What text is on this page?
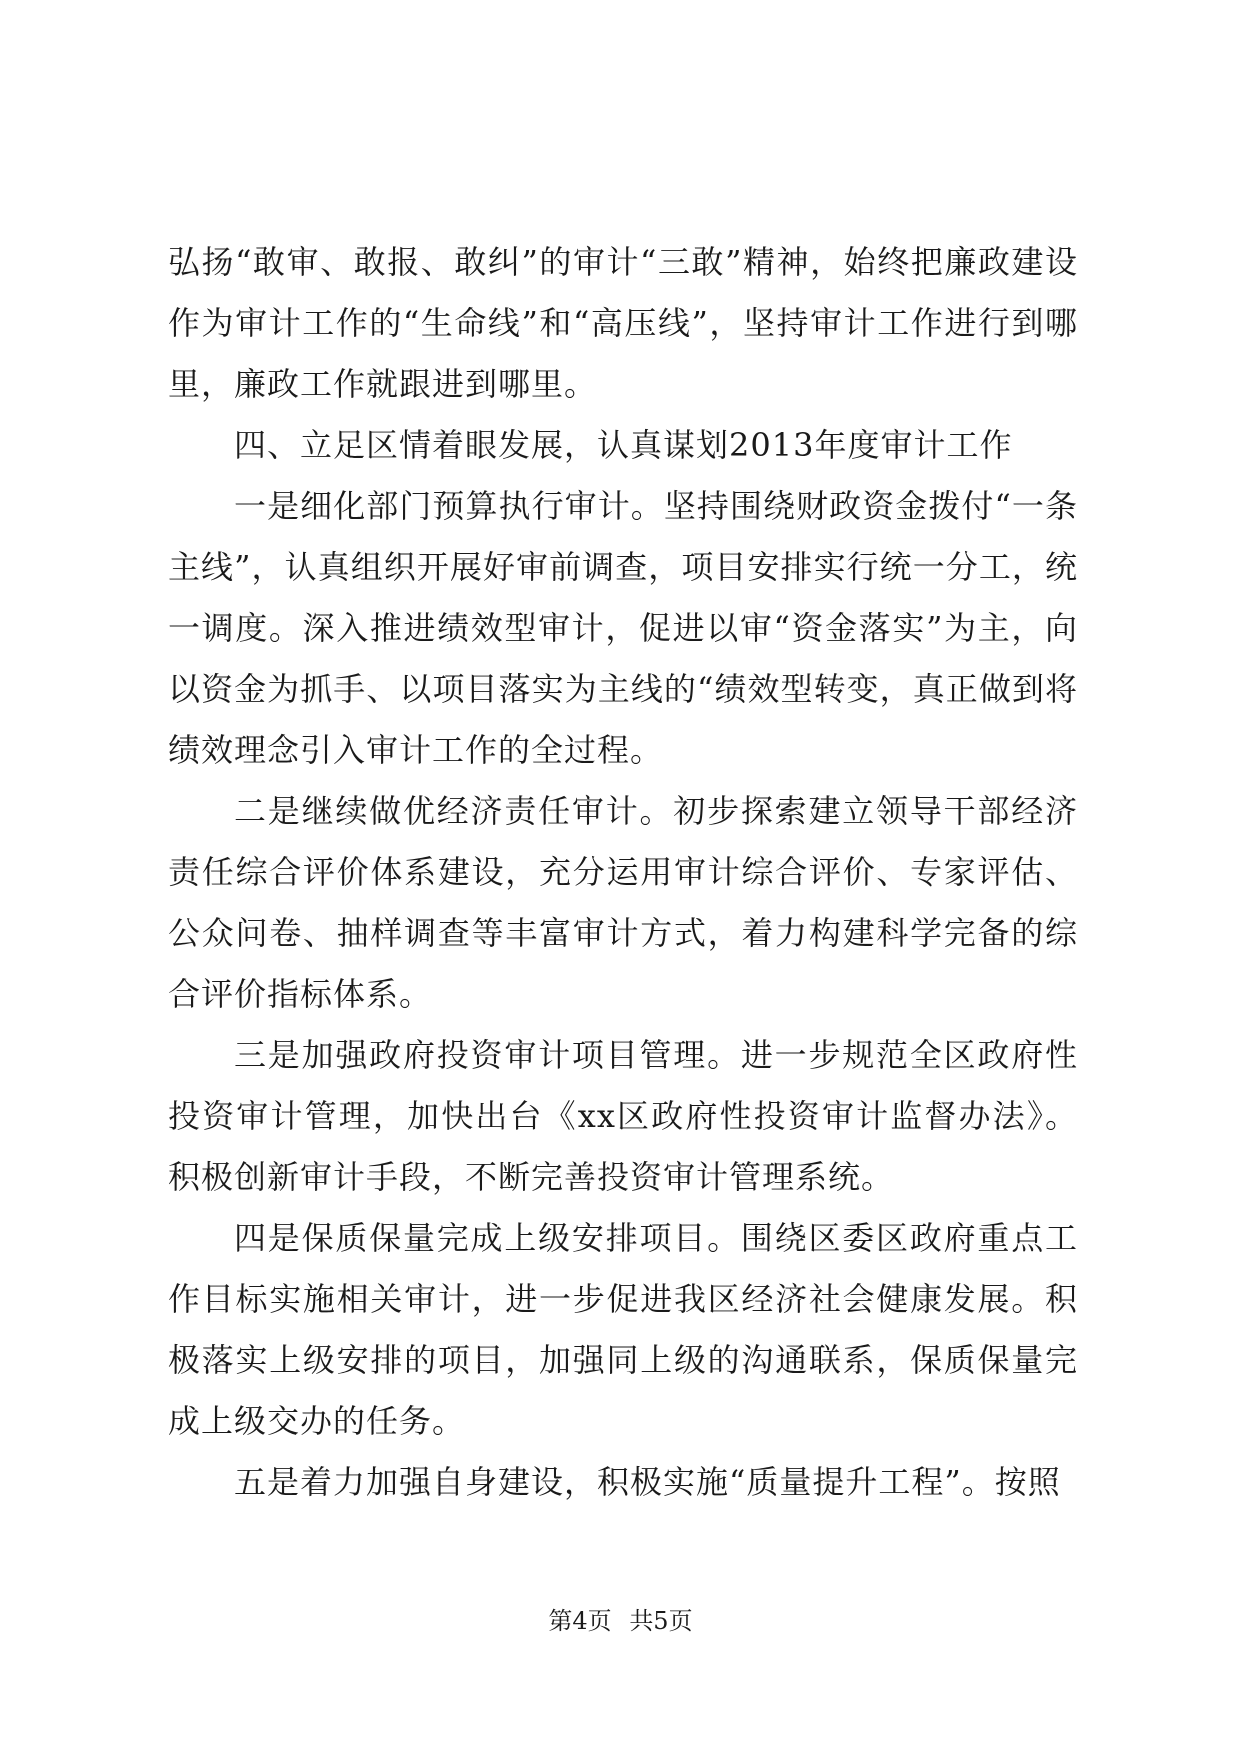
弘扬“敢审、敢报、敢纠”的审计“三敢”精神，始终把廉政建设作为审计工作的“生命线”和“高压线”，坚持审计工作进行到哪里，廉政工作就跟进到哪里。

四、立足区情着眼发展，认真谋划2013年度审计工作

一是细化部门预算执行审计。坚持围绕财政资金拨付“一条主线”，认真组织开展好审前调查，项目安排实行统一分工，统一调度。深入推进绩效型审计，促进以审“资金落实”为主，向以资金为抓手、以项目落实为主线的“绩效型转变，真正做到将绩效理念引入审计工作的全过程。

二是继续做优经济责任审计。初步探索建立领导干部经济责任综合评价体系建设，充分运用审计综合评价、专家评估、公众问卷、抽样调查等丰富审计方式，着力构建科学完备的综合评价指标体系。

三是加强政府投资审计项目管理。进一步规范全区政府性投资审计管理，加快出台《xx区政府性投资审计监督办法》。积极创新审计手段，不断完善投资审计管理系统。

四是保质保量完成上级安排项目。围绕区委区政府重点工作目标实施相关审计，进一步促进我区经济社会健康发展。积极落实上级安排的项目，加强同上级的沟通联系，保质保量完成上级交办的任务。

五是着力加强自身建设，积极实施“质量提升工程”。按照

第4页 共5页
